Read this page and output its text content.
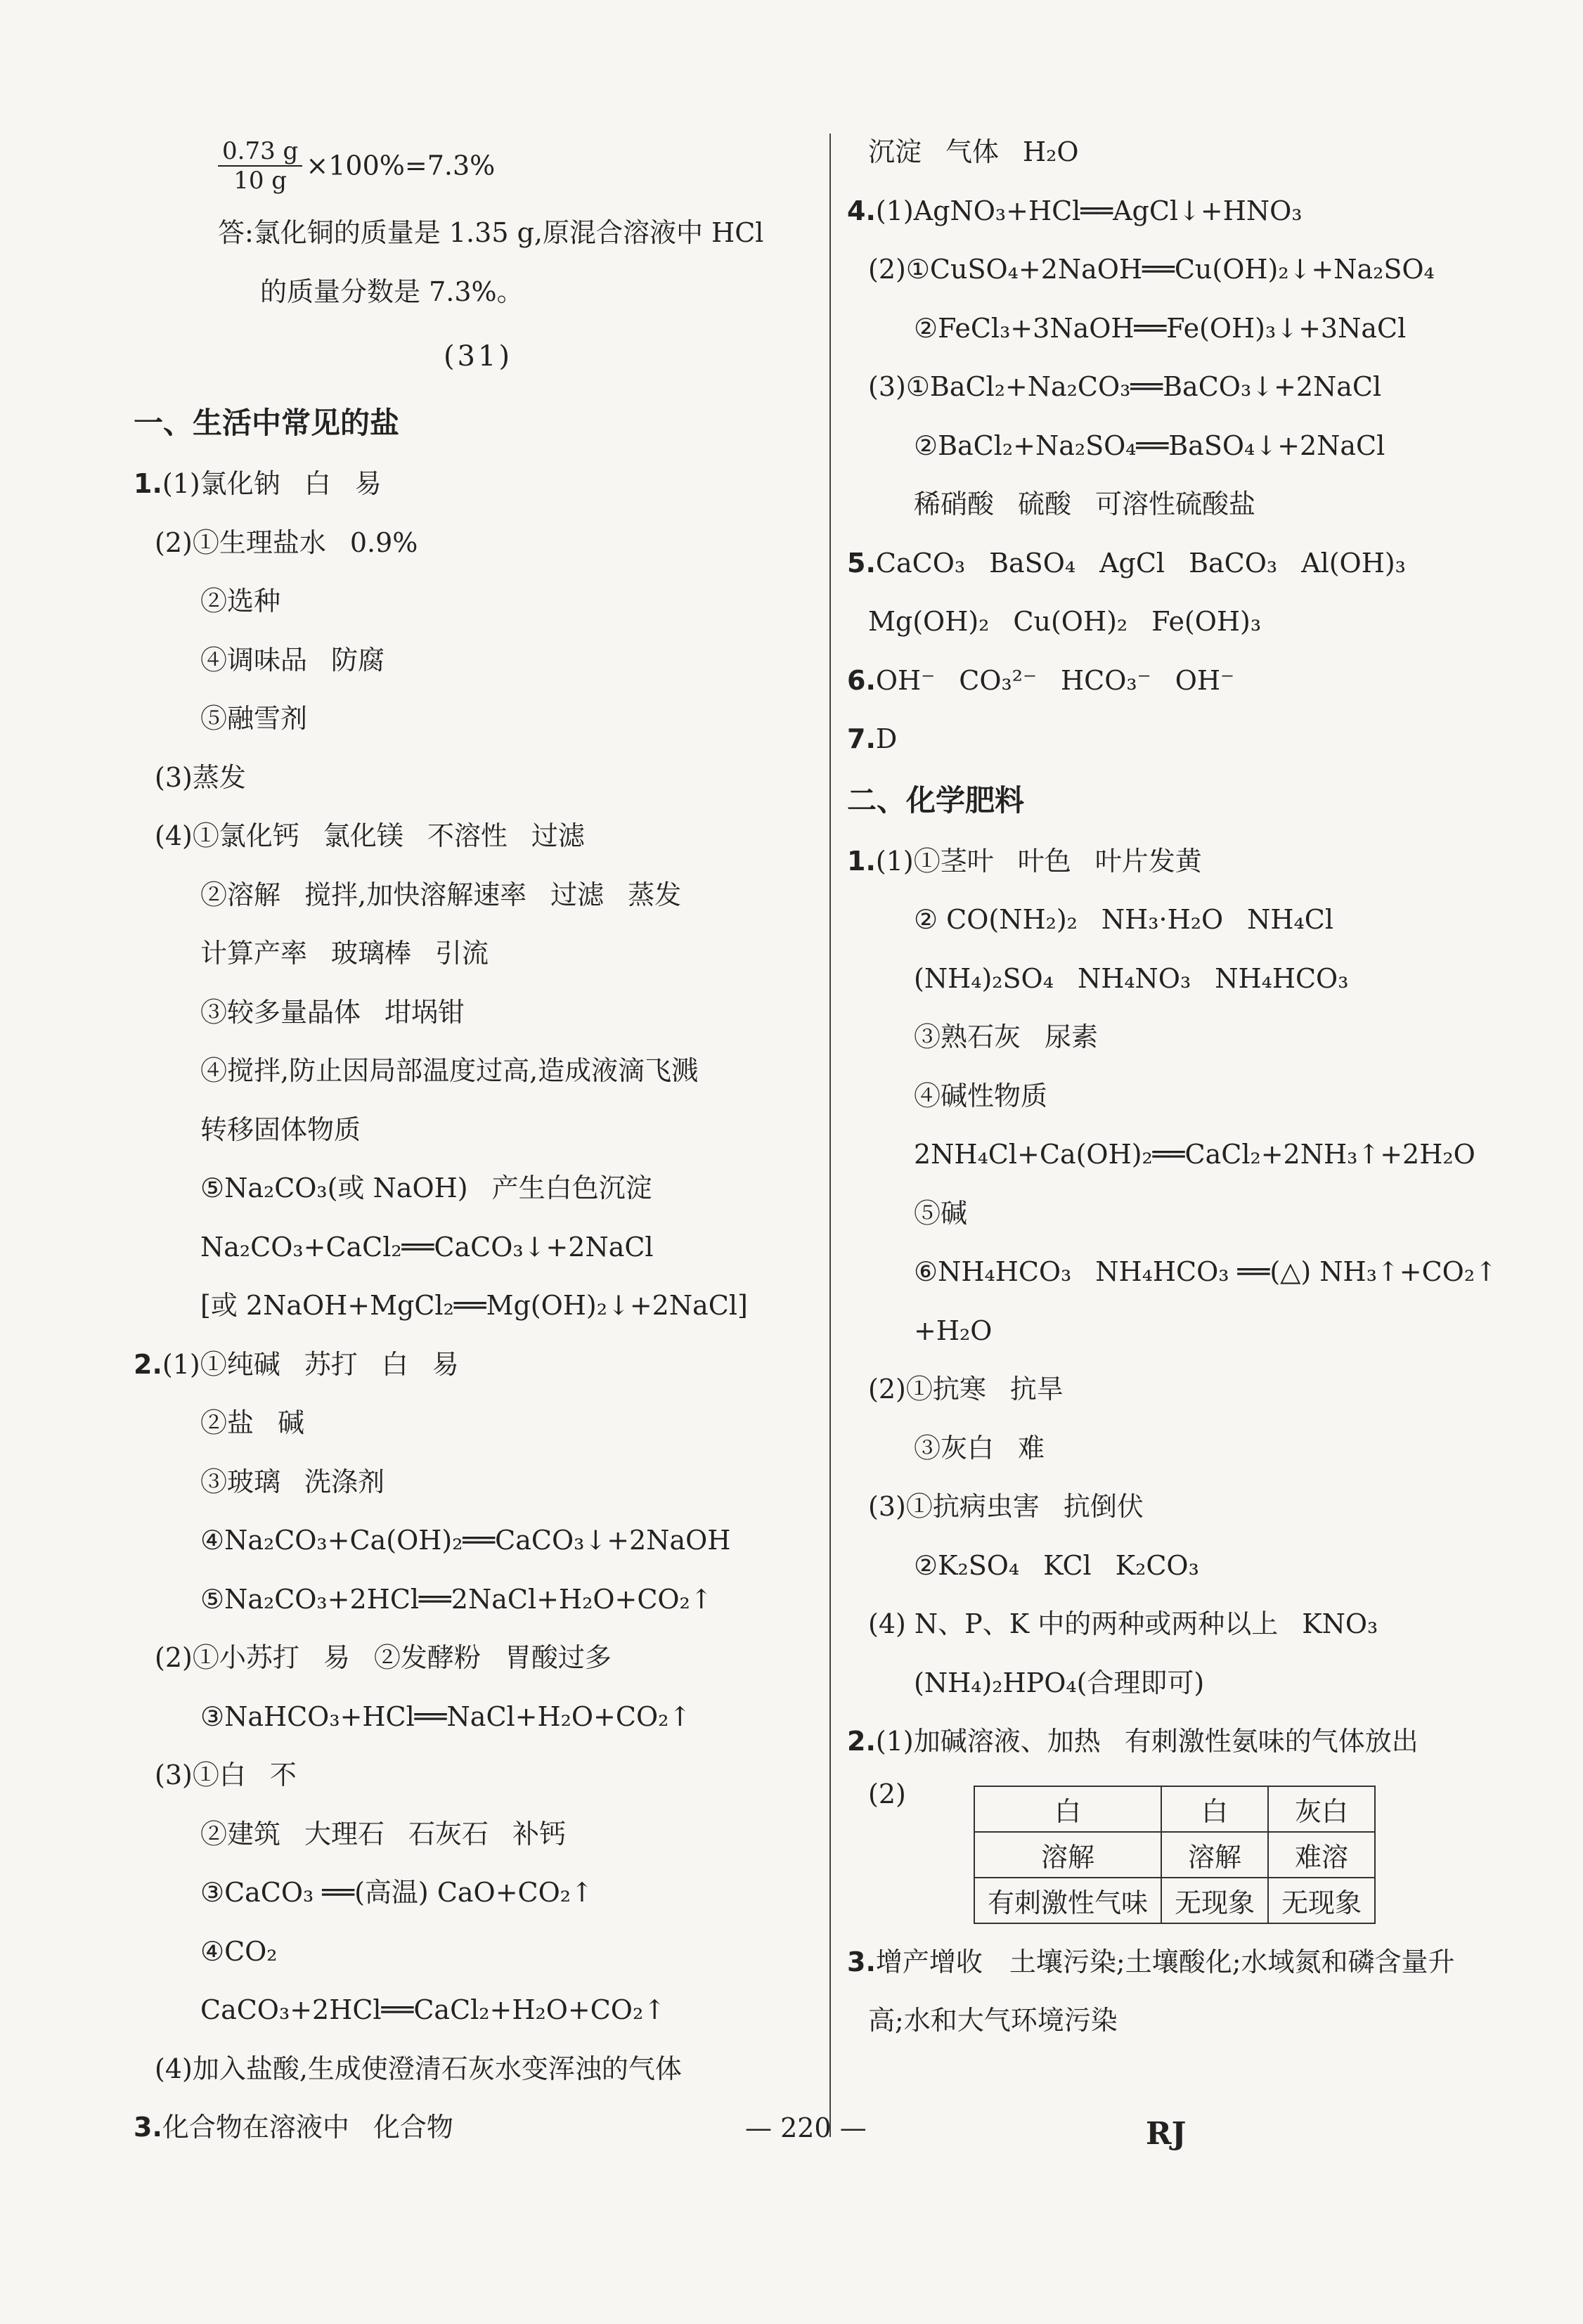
$\frac{0.73 g}{10 g} \times 100\%=7.3\%$
答:氯化铜的质量是 1.35 g,原混合溶液中 HCl
的质量分数是 7.3%。
(31)
一、生活中常见的盐
1.(1)氯化钠 白 易
(2)①生理盐水 0.9%
②选种
④调味品 防腐
⑤融雪剂
(3)蒸发
(4)①氯化钙 氯化镁 不溶性 过滤
②溶解 搅拌,加快溶解速率 过滤 蒸发
计算产率 玻璃棒 引流
③较多量晶体 坩埚钳
④搅拌,防止因局部温度过高,造成液滴飞溅
转移固体物质
⑤Na₂CO₃(或 NaOH) 产生白色沉淀
Na₂CO₃+CaCl₂══CaCO₃↓+2NaCl
[或 2NaOH+MgCl₂══Mg(OH)₂↓+2NaCl]
2.(1)①纯碱 苏打 白 易
②盐 碱
③玻璃 洗涤剂
④Na₂CO₃+Ca(OH)₂══CaCO₃↓+2NaOH
⑤Na₂CO₃+2HCl══2NaCl+H₂O+CO₂↑
(2)①小苏打 易 ②发酵粉 胃酸过多
③NaHCO₃+HCl══NaCl+H₂O+CO₂↑
(3)①白 不
②建筑 大理石 石灰石 补钙
③CaCO₃ ══(高温) CaO+CO₂↑
④CO₂
CaCO₃+2HCl══CaCl₂+H₂O+CO₂↑
(4)加入盐酸,生成使澄清石灰水变浑浊的气体
3.化合物在溶液中 化合物
沉淀 气体 H₂O
4.(1)AgNO₃+HCl══AgCl↓+HNO₃
(2)①CuSO₄+2NaOH══Cu(OH)₂↓+Na₂SO₄
②FeCl₃+3NaOH══Fe(OH)₃↓+3NaCl
(3)①BaCl₂+Na₂CO₃══BaCO₃↓+2NaCl
②BaCl₂+Na₂SO₄══BaSO₄↓+2NaCl
稀硝酸 硫酸 可溶性硫酸盐
5.CaCO₃ BaSO₄ AgCl BaCO₃ Al(OH)₃
Mg(OH)₂ Cu(OH)₂ Fe(OH)₃
6.OH⁻ CO₃²⁻ HCO₃⁻ OH⁻
7.D
二、化学肥料
1.(1)①茎叶 叶色 叶片发黄
② CO(NH₂)₂ NH₃·H₂O NH₄Cl
(NH₄)₂SO₄ NH₄NO₃ NH₄HCO₃
③熟石灰 尿素
④碱性物质
2NH₄Cl+Ca(OH)₂══CaCl₂+2NH₃↑+2H₂O
⑤碱
⑥NH₄HCO₃ NH₄HCO₃ ══(△) NH₃↑+CO₂↑
+H₂O
(2)①抗寒 抗旱
③灰白 难
(3)①抗病虫害 抗倒伏
②K₂SO₄ KCl K₂CO₃
(4) N、P、K 中的两种或两种以上 KNO₃
(NH₄)₂HPO₄(合理即可)
2.(1)加碱溶液、加热 有刺激性氨味的气体放出
(2)
白	白	灰白
溶解	溶解	难溶
有刺激性气味	无现象	无现象
3.增产增收　土壤污染;土壤酸化;水域氮和磷含量升
高;水和大气环境污染
— 220 —	RJ
